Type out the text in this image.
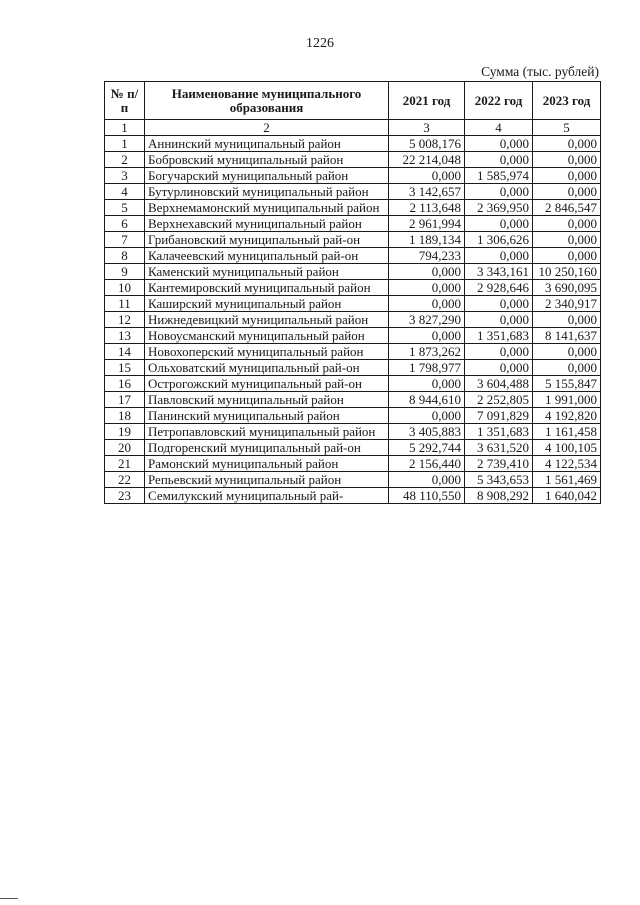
1226
Сумма (тыс. рублей)
№ п/п	Наименование муниципального образования	2021 год	2022 год	2023 год
1	2	3	4	5
1	Аннинский муниципальный район	5 008,176	0,000	0,000
2	Бобровский муниципальный район	22 214,048	0,000	0,000
3	Богучарский муниципальный район	0,000	1 585,974	0,000
4	Бутурлиновский муниципальный район	3 142,657	0,000	0,000
5	Верхнемамонский муниципальный район	2 113,648	2 369,950	2 846,547
6	Верхнехавский муниципальный район	2 961,994	0,000	0,000
7	Грибановский муниципальный рай-он	1 189,134	1 306,626	0,000
8	Калачеевский муниципальный рай-он	794,233	0,000	0,000
9	Каменский муниципальный район	0,000	3 343,161	10 250,160
10	Кантемировский муниципальный район	0,000	2 928,646	3 690,095
11	Каширский муниципальный район	0,000	0,000	2 340,917
12	Нижнедевицкий муниципальный район	3 827,290	0,000	0,000
13	Новоусманский муниципальный район	0,000	1 351,683	8 141,637
14	Новохоперский муниципальный район	1 873,262	0,000	0,000
15	Ольховатский муниципальный рай-он	1 798,977	0,000	0,000
16	Острогожский муниципальный рай-он	0,000	3 604,488	5 155,847
17	Павловский муниципальный район	8 944,610	2 252,805	1 991,000
18	Панинский муниципальный район	0,000	7 091,829	4 192,820
19	Петропавловский муниципальный район	3 405,883	1 351,683	1 161,458
20	Подгоренский муниципальный рай-он	5 292,744	3 631,520	4 100,105
21	Рамонский муниципальный район	2 156,440	2 739,410	4 122,534
22	Репьевский муниципальный район	0,000	5 343,653	1 561,469
23	Семилукский муниципальный рай-	48 110,550	8 908,292	1 640,042
